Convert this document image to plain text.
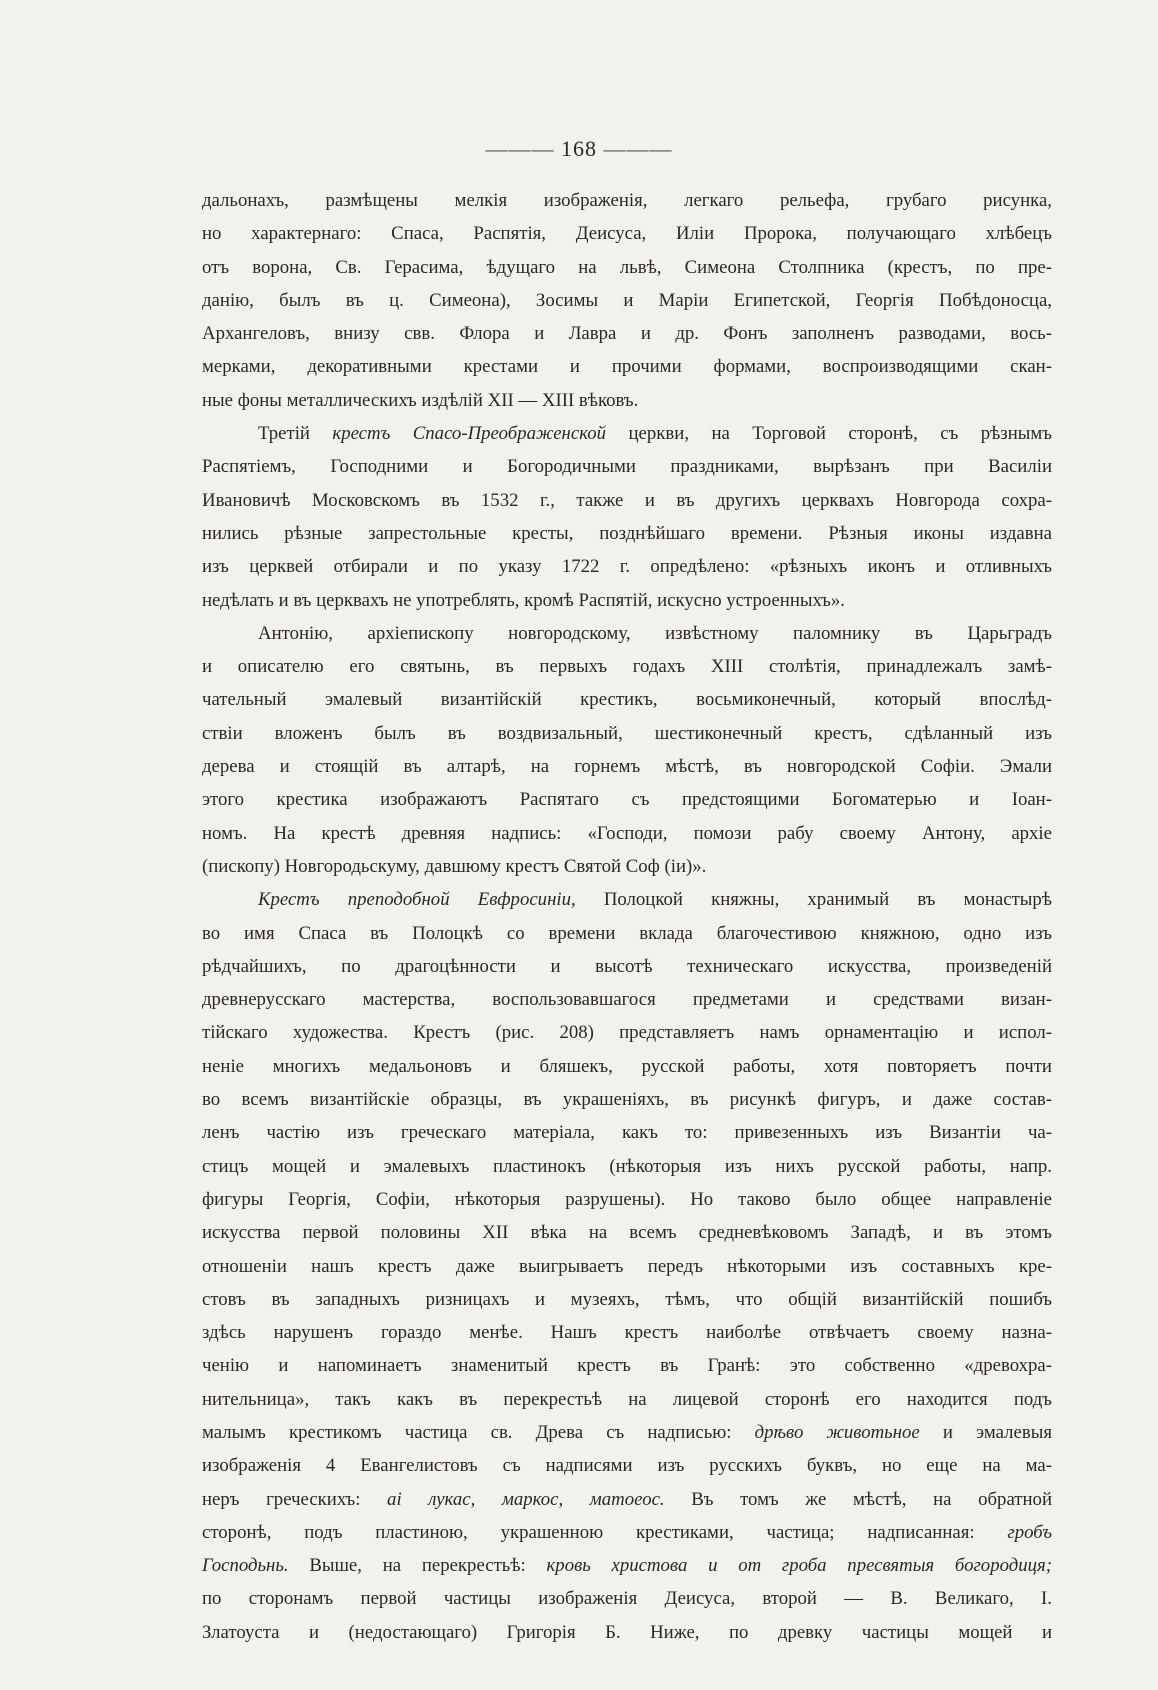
——— 168 ———
дальонахъ, размѣщены мелкія изображенія, легкаго рельефа, грубаго рисунка,
но характернаго: Спаса, Распятія, Деисуса, Иліи Пророка, получающаго хлѣбецъ
отъ ворона, Св. Герасима, ѣдущаго на львѣ, Симеона Столпника (крестъ, по пре-
данію, былъ въ ц. Симеона), Зосимы и Маріи Египетской, Георгія Побѣдоносца,
Архангеловъ, внизу свв. Флора и Лавра и др. Фонъ заполненъ разводами, вось-
мерками, декоративными крестами и прочими формами, воспроизводящими скан-
ные фоны металлическихъ издѣлій XII — XIII вѣковъ.
Третій крестъ Спасо-Преображенской церкви, на Торговой сторонѣ, съ рѣзнымъ
Распятіемъ, Господними и Богородичными праздниками, вырѣзанъ при Василіи
Ивановичѣ Московскомъ въ 1532 г., также и въ другихъ церквахъ Новгорода сохра-
нились рѣзные запрестольные кресты, позднѣйшаго времени. Рѣзныя иконы издавна
изъ церквей отбирали и по указу 1722 г. опредѣлено: «рѣзныхъ иконъ и отливныхъ
недѣлать и въ церквахъ не употреблять, кромѣ Распятій, искусно устроенныхъ».
Антонію, архіепископу новгородскому, извѣстному паломнику въ Царьградъ
и описателю его святынь, въ первыхъ годахъ XIII столѣтія, принадлежалъ замѣ-
чательный эмалевый византійскій крестикъ, восьмиконечный, который впослѣд-
ствіи вложенъ былъ въ воздвизальный, шестиконечный крестъ, сдѣланный изъ
дерева и стоящій въ алтарѣ, на горнемъ мѣстѣ, въ новгородской Софіи. Эмали
этого крестика изображаютъ Распятаго съ предстоящими Богоматерью и Іоан-
номъ. На крестѣ древняя надпись: «Господи, помози рабу своему Антону, архіе
(пископу) Новгородьскуму, давшюму крестъ Святой Соф (іи)».
Крестъ преподобной Евфросиніи, Полоцкой княжны, хранимый въ монастырѣ
во имя Спаса въ Полоцкѣ со времени вклада благочестивою княжною, одно изъ
рѣдчайшихъ, по драгоцѣнности и высотѣ техническаго искусства, произведеній
древнерусскаго мастерства, воспользовавшагося предметами и средствами визан-
тійскаго художества. Крестъ (рис. 208) представляетъ намъ орнаментацію и испол-
неніе многихъ медальоновъ и бляшекъ, русской работы, хотя повторяетъ почти
во всемъ византійскіе образцы, въ украшеніяхъ, въ рисункѣ фигуръ, и даже состав-
ленъ частію изъ греческаго матеріала, какъ то: привезенныхъ изъ Византіи ча-
стицъ мощей и эмалевыхъ пластинокъ (нѣкоторыя изъ нихъ русской работы, напр.
фигуры Георгія, Софіи, нѣкоторыя разрушены). Но таково было общее направленіе
искусства первой половины XII вѣка на всемъ средневѣковомъ Западѣ, и въ этомъ
отношеніи нашъ крестъ даже выигрываетъ передъ нѣкоторыми изъ составныхъ кре-
стовъ въ западныхъ ризницахъ и музеяхъ, тѣмъ, что общій византійскій пошибъ
здѣсь нарушенъ гораздо менѣе. Нашъ крестъ наиболѣе отвѣчаетъ своему назна-
ченію и напоминаетъ знаменитый крестъ въ Гранѣ: это собственно «древохра-
нительница», такъ какъ въ перекрестьѣ на лицевой сторонѣ его находится подъ
малымъ крестикомъ частица св. Древа съ надписью: дрѣво животьное и эмалевыя
изображенія 4 Евангелистовъ съ надписями изъ русскихъ буквъ, но еще на ма-
неръ греческихъ: аі лукас, маркос, матоеос. Въ томъ же мѣстѣ, на обратной
сторонѣ, подъ пластиною, украшенною крестиками, частица; надписанная: гробъ
Господьнь. Выше, на перекрестьѣ: кровь христова и от гроба пресвятыя богородиця;
по сторонамъ первой частицы изображенія Деисуса, второй — В. Великаго, І.
Златоуста и (недостающаго) Григорія Б. Ниже, по древку частицы мощей и
